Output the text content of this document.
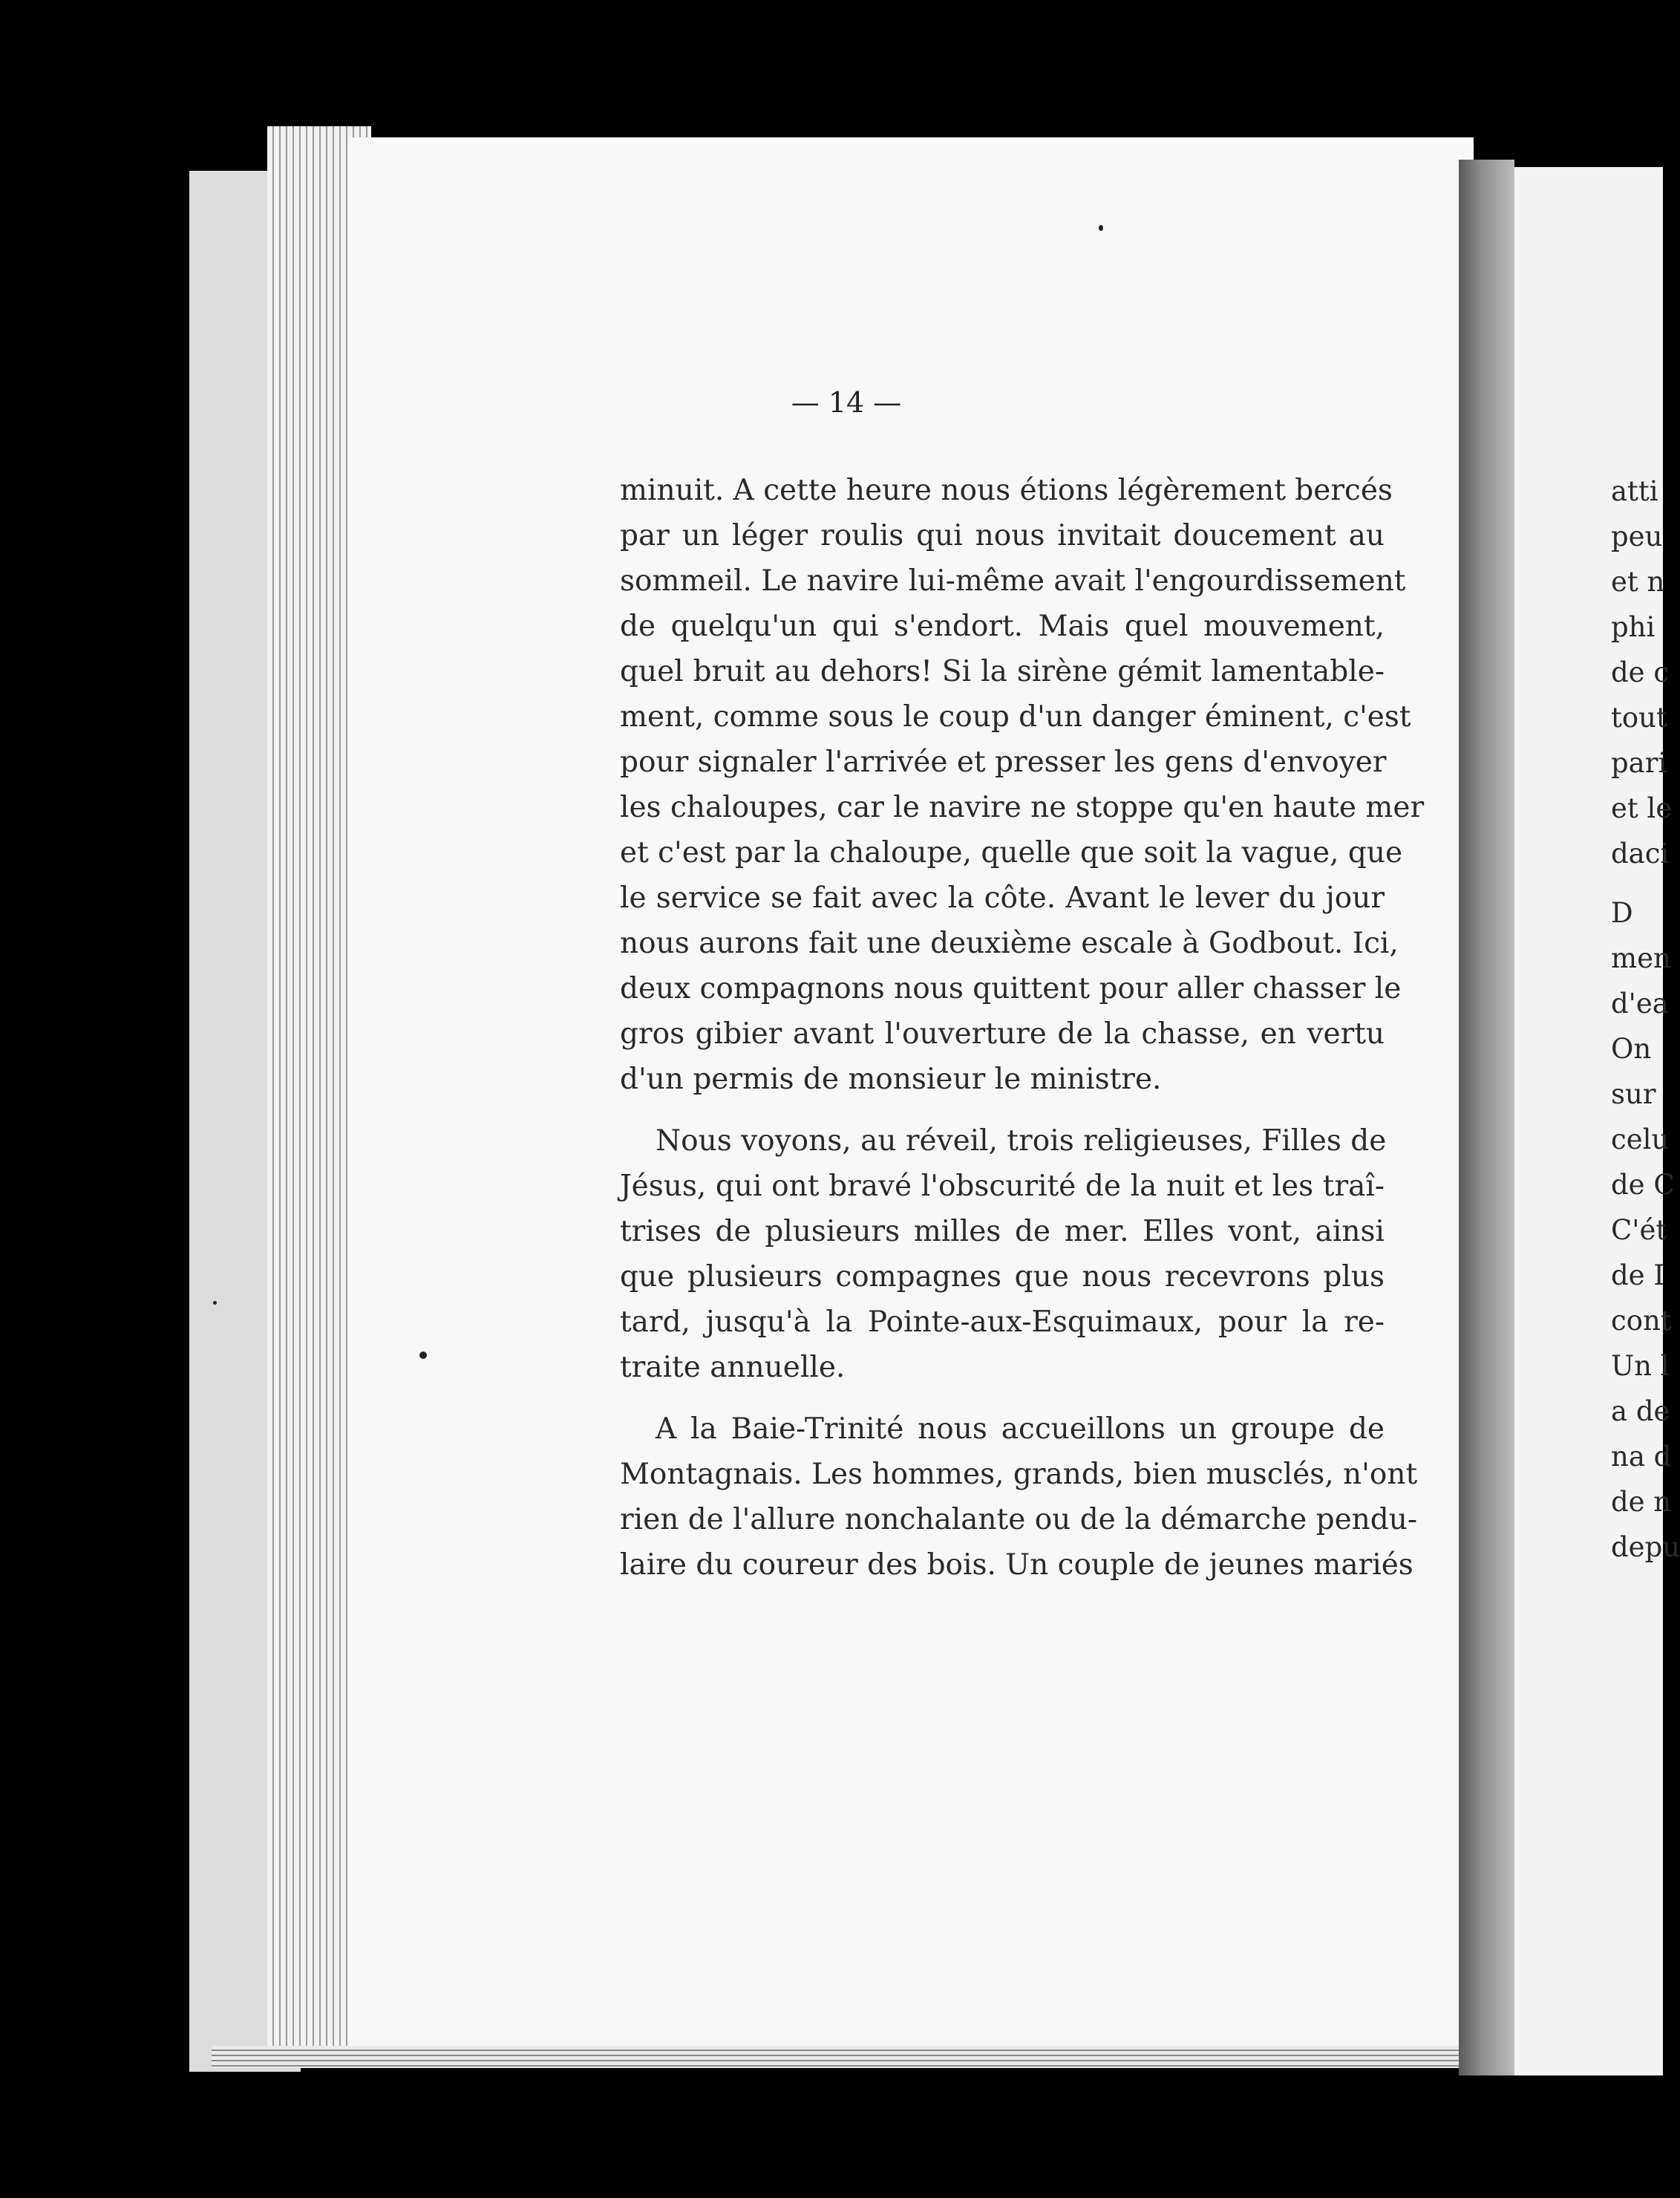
— 14 —
minuit. A cette heure nous étions légèrement bercés
par un léger roulis qui nous invitait doucement au
sommeil. Le navire lui-même avait l'engourdissement
de quelqu'un qui s'endort. Mais quel mouvement,
quel bruit au dehors! Si la sirène gémit lamentable-
ment, comme sous le coup d'un danger éminent, c'est
pour signaler l'arrivée et presser les gens d'envoyer
les chaloupes, car le navire ne stoppe qu'en haute mer
et c'est par la chaloupe, quelle que soit la vague, que
le service se fait avec la côte. Avant le lever du jour
nous aurons fait une deuxième escale à Godbout. Ici,
deux compagnons nous quittent pour aller chasser le
gros gibier avant l'ouverture de la chasse, en vertu
d'un permis de monsieur le ministre.
Nous voyons, au réveil, trois religieuses, Filles de
Jésus, qui ont bravé l'obscurité de la nuit et les traî-
trises de plusieurs milles de mer. Elles vont, ainsi
que plusieurs compagnes que nous recevrons plus
tard, jusqu'à la Pointe-aux-Esquimaux, pour la re-
traite annuelle.
A la Baie-Trinité nous accueillons un groupe de
Montagnais. Les hommes, grands, bien musclés, n'ont
rien de l'allure nonchalante ou de la démarche pendu-
laire du coureur des bois. Un couple de jeunes mariés
atti
peu
et n
phi
de c
tout
pari
et le
daci
D
men
d'ea
On
sur
celu
de C
C'ét
de I
cont
Un l
a de
na d
de n
depu
